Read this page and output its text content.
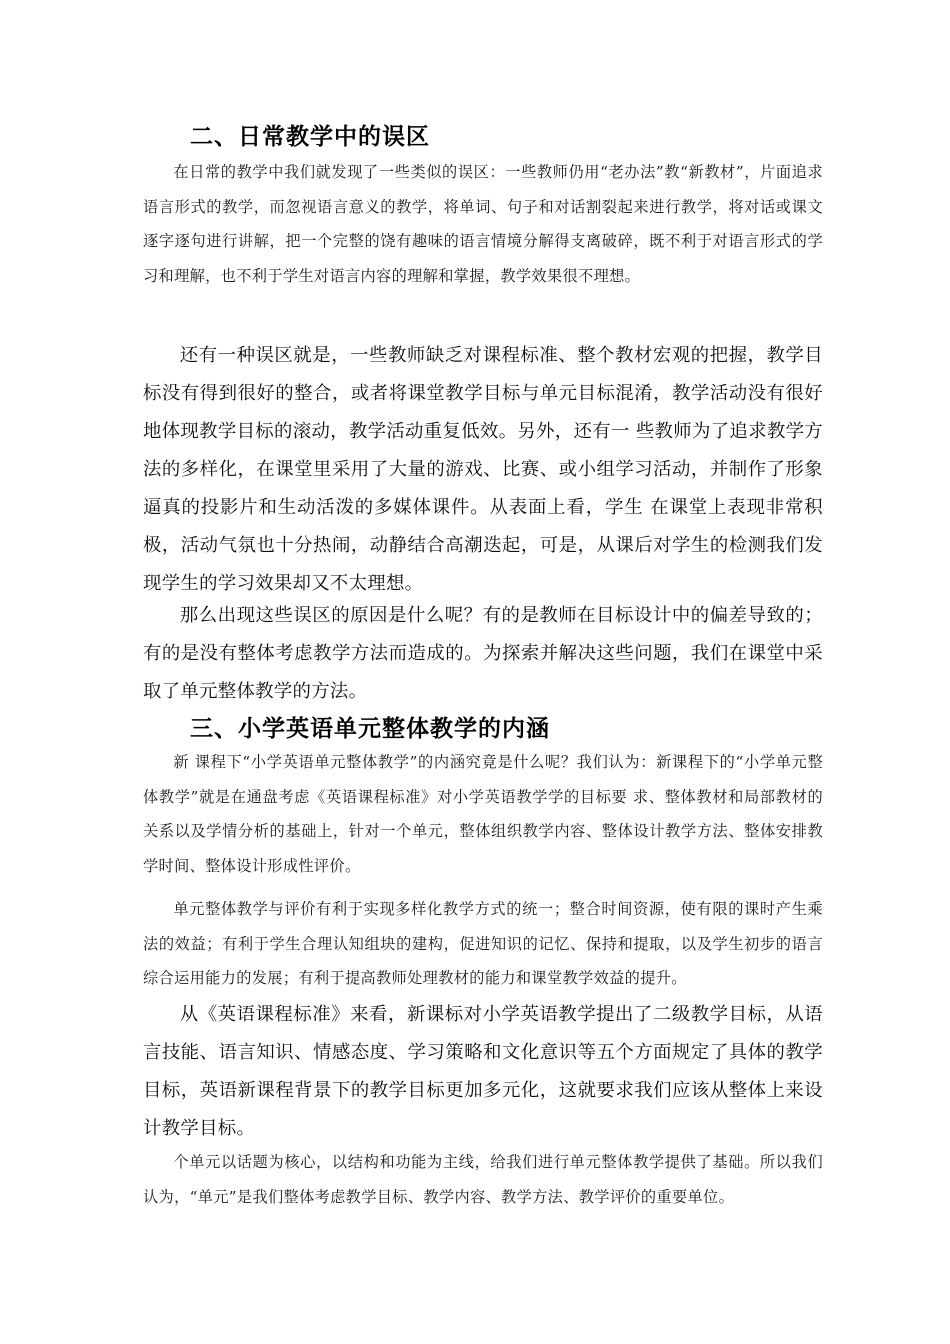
二、日常教学中的误区

在日常的教学中我们就发现了一些类似的误区：一些教师仍用“老办法”教“新教材”，片面追求语言形式的教学，而忽视语言意义的教学，将单词、句子和对话割裂起来进行教学，将对话或课文逐字逐句进行讲解，把一个完整的饶有趣味的语言情境分解得支离破碎，既不利于对语言形式的学习和理解，也不利于学生对语言内容的理解和掌握，教学效果很不理想。

还有一种误区就是，一些教师缺乏对课程标准、整个教材宏观的把握，教学目标没有得到很好的整合，或者将课堂教学目标与单元目标混淆，教学活动没有很好地体现教学目标的滚动，教学活动重复低效。另外，还有一 些教师为了追求教学方法的多样化，在课堂里采用了大量的游戏、比赛、或小组学习活动，并制作了形象逼真的投影片和生动活泼的多媒体课件。从表面上看，学生 在课堂上表现非常积极，活动气氛也十分热闹，动静结合高潮迭起，可是，从课后对学生的检测我们发现学生的学习效果却又不太理想。

那么出现这些误区的原因是什么呢？有的是教师在目标设计中的偏差导致的；有的是没有整体考虑教学方法而造成的。为探索并解决这些问题，我们在课堂中采取了单元整体教学的方法。

三、小学英语单元整体教学的内涵

新 课程下“小学英语单元整体教学”的内涵究竟是什么呢？我们认为：新课程下的“小学单元整体教学”就是在通盘考虑《英语课程标准》对小学英语教学学的目标要 求、整体教材和局部教材的关系以及学情分析的基础上，针对一个单元，整体组织教学内容、整体设计教学方法、整体安排教学时间、整体设计形成性评价。

单元整体教学与评价有利于实现多样化教学方式的统一；整合时间资源，使有限的课时产生乘法的效益；有利于学生合理认知组块的建构，促进知识的记忆、保持和提取，以及学生初步的语言综合运用能力的发展；有利于提高教师处理教材的能力和课堂教学效益的提升。

从《英语课程标准》来看，新课标对小学英语教学提出了二级教学目标，从语言技能、语言知识、情感态度、学习策略和文化意识等五个方面规定了具体的教学目标，英语新课程背景下的教学目标更加多元化，这就要求我们应该从整体上来设计教学目标。

个单元以话题为核心，以结构和功能为主线，给我们进行单元整体教学提供了基础。所以我们认为，“单元”是我们整体考虑教学目标、教学内容、教学方法、教学评价的重要单位。
